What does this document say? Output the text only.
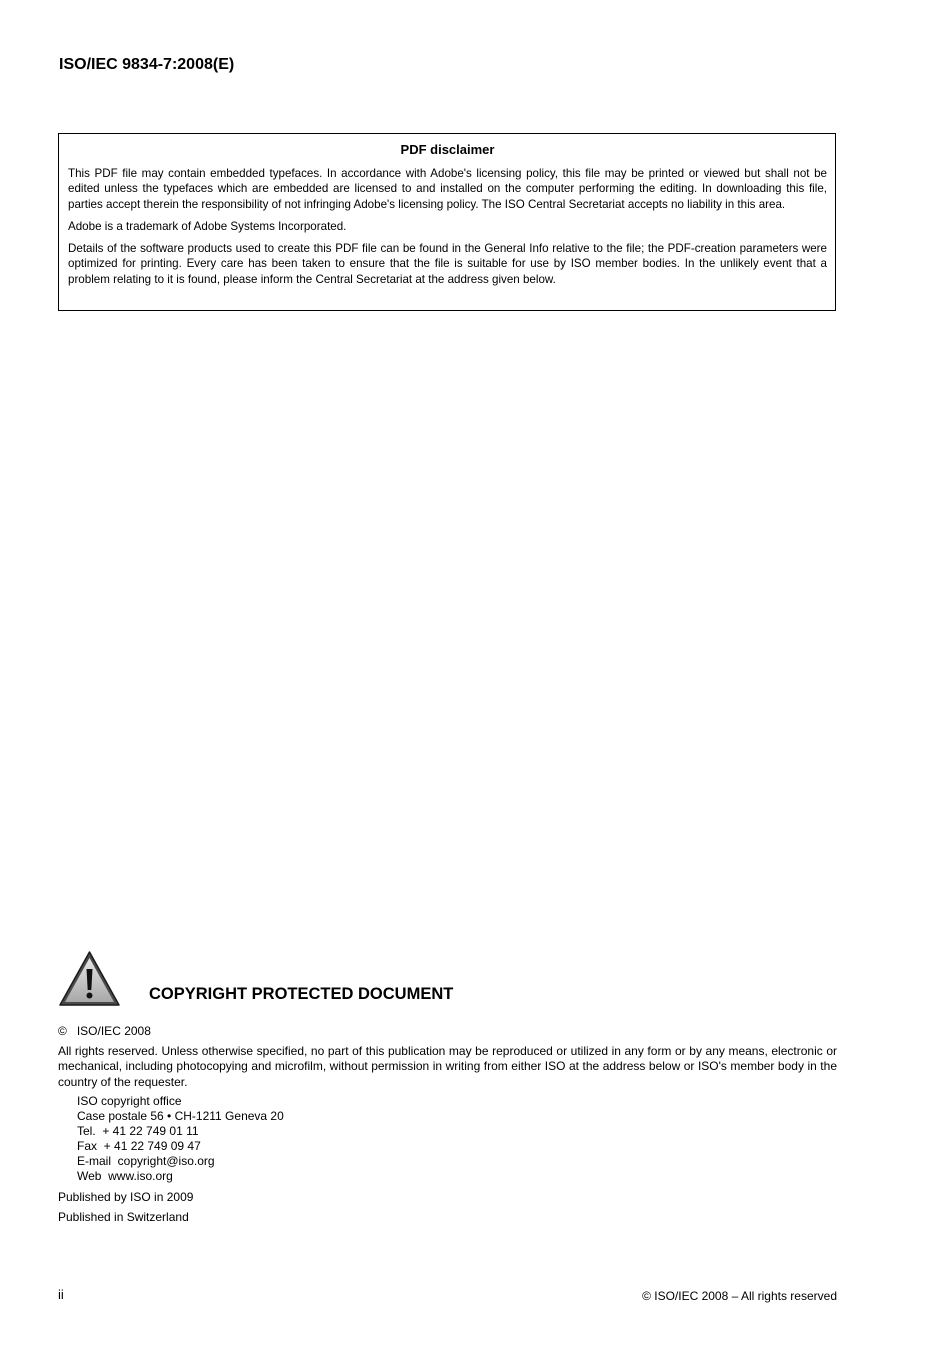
ISO/IEC 9834-7:2008(E)

PDF disclaimer

This PDF file may contain embedded typefaces. In accordance with Adobe's licensing policy, this file may be printed or viewed but shall not be edited unless the typefaces which are embedded are licensed to and installed on the computer performing the editing. In downloading this file, parties accept therein the responsibility of not infringing Adobe's licensing policy. The ISO Central Secretariat accepts no liability in this area.

Adobe is a trademark of Adobe Systems Incorporated.

Details of the software products used to create this PDF file can be found in the General Info relative to the file; the PDF-creation parameters were optimized for printing. Every care has been taken to ensure that the file is suitable for use by ISO member bodies. In the unlikely event that a problem relating to it is found, please inform the Central Secretariat at the address given below.

COPYRIGHT PROTECTED DOCUMENT
©   ISO/IEC 2008

All rights reserved. Unless otherwise specified, no part of this publication may be reproduced or utilized in any form or by any means, electronic or mechanical, including photocopying and microfilm, without permission in writing from either ISO at the address below or ISO's member body in the country of the requester.

ISO copyright office
Case postale 56 • CH-1211 Geneva 20
Tel.  + 41 22 749 01 11
Fax  + 41 22 749 09 47
E-mail  copyright@iso.org
Web  www.iso.org
Published by ISO in 2009
Published in Switzerland
ii	© ISO/IEC 2008 – All rights reserved
